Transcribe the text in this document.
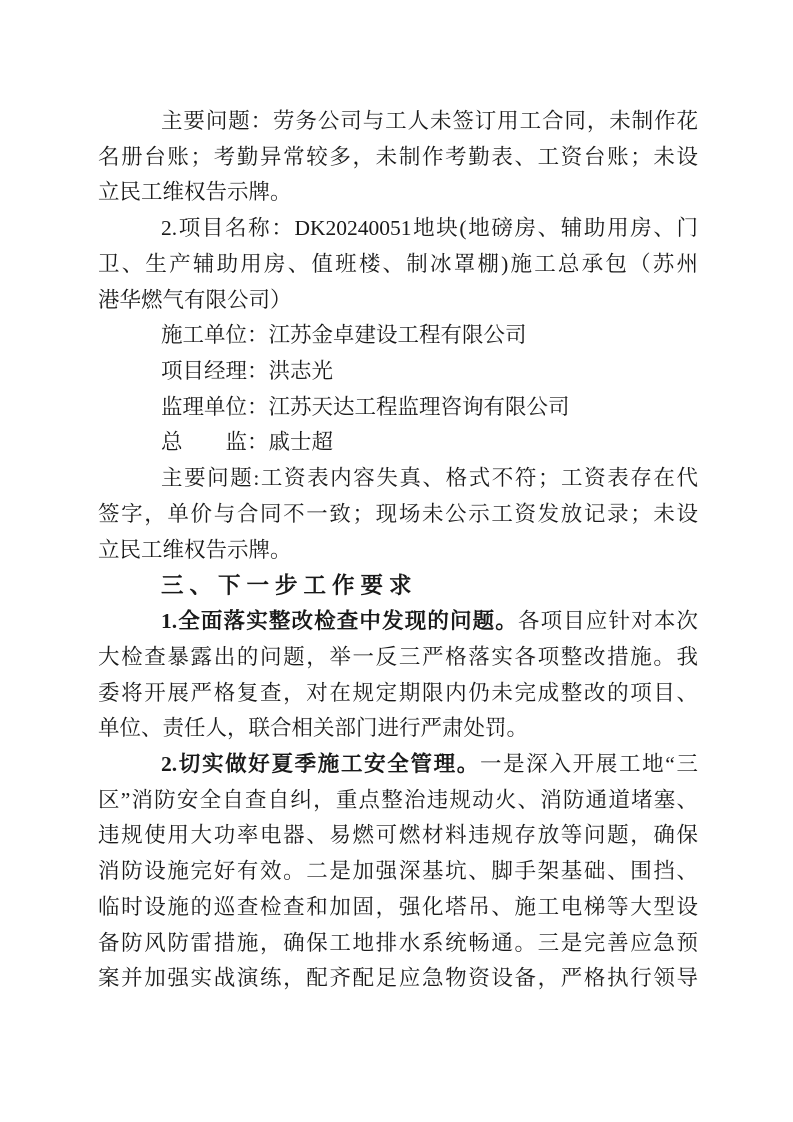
主要问题：劳务公司与工人未签订用工合同，未制作花
名册台账；考勤异常较多，未制作考勤表、工资台账；未设
立民工维权告示牌。
2.项目名称：DK20240051地块(地磅房、辅助用房、门
卫、生产辅助用房、值班楼、制冰罩棚)施工总承包（苏州
港华燃气有限公司）
施工单位：江苏金卓建设工程有限公司
项目经理：洪志光
监理单位：江苏天达工程监理咨询有限公司
总　　监：戚士超
主要问题:工资表内容失真、格式不符；工资表存在代
签字，单价与合同不一致；现场未公示工资发放记录；未设
立民工维权告示牌。
三、下一步工作要求
1.全面落实整改检查中发现的问题。各项目应针对本次
大检查暴露出的问题，举一反三严格落实各项整改措施。我
委将开展严格复查，对在规定期限内仍未完成整改的项目、
单位、责任人，联合相关部门进行严肃处罚。
2.切实做好夏季施工安全管理。一是深入开展工地“三
区”消防安全自查自纠，重点整治违规动火、消防通道堵塞、
违规使用大功率电器、易燃可燃材料违规存放等问题，确保
消防设施完好有效。二是加强深基坑、脚手架基础、围挡、
临时设施的巡查检查和加固，强化塔吊、施工电梯等大型设
备防风防雷措施，确保工地排水系统畅通。三是完善应急预
案并加强实战演练，配齐配足应急物资设备，严格执行领导
